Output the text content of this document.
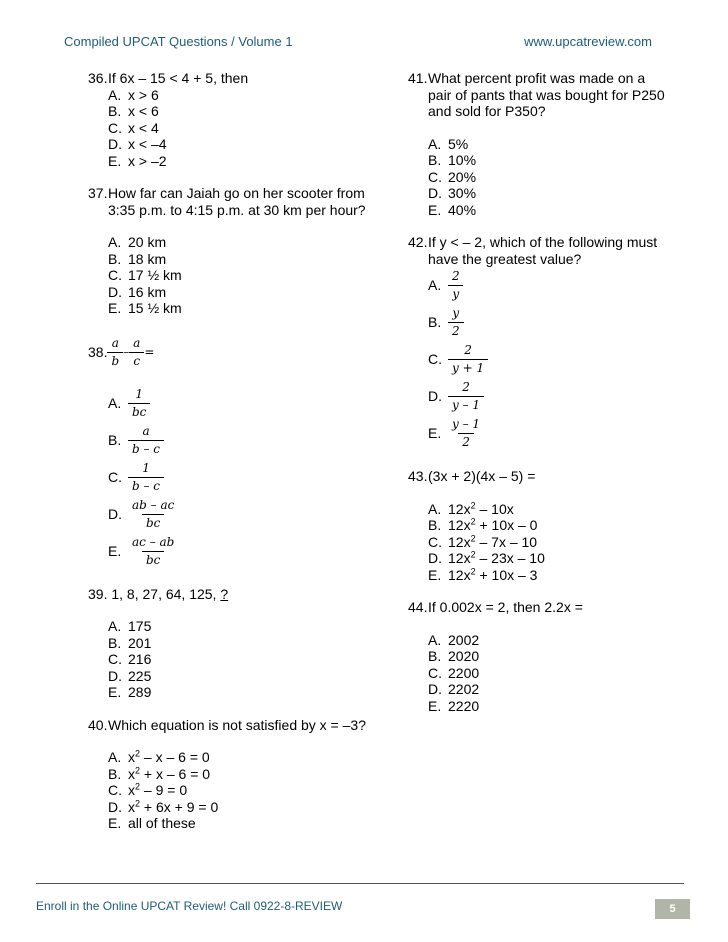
Compiled UPCAT Questions / Volume 1	www.upcatreview.com
36. If 6x – 15 < 4 + 5, then
A. x > 6
B. x < 6
C. x < 4
D. x < –4
E. x > –2
37. How far can Jaiah go on her scooter from 3:35 p.m. to 4:15 p.m. at 30 km per hour?
A. 20 km
B. 18 km
C. 17 ½ km
D. 16 km
E. 15 ½ km
38. $\frac{a}{b} - \frac{a}{c}$ =
A. $\frac{1}{bc}$
B. $\frac{a}{b - c}$
C. $\frac{1}{b - c}$
D. $\frac{ab - ac}{bc}$
E. $\frac{ac - ab}{bc}$
39. 1, 8, 27, 64, 125, ?
A. 175
B. 201
C. 216
D. 225
E. 289
40. Which equation is not satisfied by x = –3?
A. $x^2 - x - 6 = 0$
B. $x^2 + x - 6 = 0$
C. $x^2 - 9 = 0$
D. $x^2 + 6x + 9 = 0$
E. all of these
41. What percent profit was made on a pair of pants that was bought for P250 and sold for P350?
A. 5%
B. 10%
C. 20%
D. 30%
E. 40%
42. If y < – 2, which of the following must have the greatest value?
A. $\frac{2}{y}$
B. $\frac{y}{2}$
C. $\frac{2}{y + 1}$
D. $\frac{2}{y - 1}$
E. $\frac{y - 1}{2}$
43. (3x + 2)(4x – 5) =
A. $12x^2 - 10x$
B. $12x^2 + 10x - 0$
C. $12x^2 - 7x - 10$
D. $12x^2 - 23x - 10$
E. $12x^2 + 10x - 3$
44. If 0.002x = 2, then 2.2x =
A. 2002
B. 2020
C. 2200
D. 2202
E. 2220
Enroll in the Online UPCAT Review! Call 0922-8-REVIEW	5
